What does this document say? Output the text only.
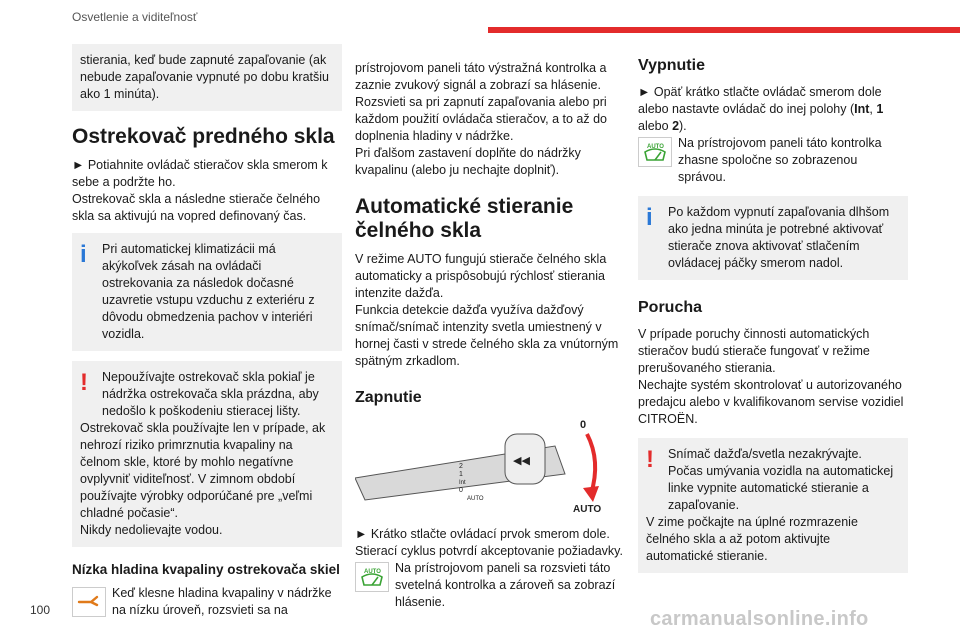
Osvetlenie a viditeľnosť

stierania, keď bude zapnuté zapaľovanie (ak nebude zapaľovanie vypnuté po dobu kratšiu ako 1 minúta).

Ostrekovač predného skla

► Potiahnite ovládač stieračov skla smerom k sebe a podržte ho.

Ostrekovač skla a následne stierače čelného skla sa aktivujú na vopred definovaný čas.

i	Pri automatickej klimatizácii má akýkoľvek zásah na ovládači ostrekovania za následok dočasné uzavretie vstupu vzduchu z exteriéru z dôvodu obmedzenia pachov v interiéri vozidla.

!	Nepoužívajte ostrekovač skla pokiaľ je nádržka ostrekovača skla prázdna, aby nedošlo k poškodeniu stieracej lišty.

Ostrekovač skla používajte len v prípade, ak nehrozí riziko primrznutia kvapaliny na čelnom skle, ktoré by mohlo negatívne ovplyvniť viditeľnosť. V zimnom období používajte výrobky odporúčané pre „veľmi chladné počasie“.

Nikdy nedolievajte vodou.

Nízka hladina kvapaliny ostrekovača skiel

Keď klesne hladina kvapaliny v nádržke na nízku úroveň, rozsvieti sa na

prístrojovom paneli táto výstražná kontrolka a zaznie zvukový signál a zobrazí sa hlásenie.

Rozsvieti sa pri zapnutí zapaľovania alebo pri každom použití ovládača stieračov, a to až do doplnenia hladiny v nádržke.

Pri ďalšom zastavení doplňte do nádržky kvapalinu (alebo ju nechajte doplniť).

Automatické stieranie čelného skla

V režime AUTO fungujú stierače čelného skla automaticky a prispôsobujú rýchlosť stierania intenzite dažďa.

Funkcia detekcie dažďa využíva dažďový snímač/snímač intenzity svetla umiestnený v hornej časti v strede čelného skla za vnútorným spätným zrkadlom.

Zapnutie
0
AUTO
2
1
Int
0
AUTO
◀◀

► Krátko stlačte ovládací prvok smerom dole. Stierací cyklus potvrdí akceptovanie požiadavky.

AUTO Na prístrojovom paneli sa rozsvieti táto svetelná kontrolka a zároveň sa zobrazí hlásenie.

Vypnutie

► Opäť krátko stlačte ovládač smerom dole alebo nastavte ovládač do inej polohy (Int, 1 alebo 2).

AUTO Na prístrojovom paneli táto kontrolka zhasne spoločne so zobrazenou správou.

i	Po každom vypnutí zapaľovania dlhšom ako jedna minúta je potrebné aktivovať stierače znova aktivovať stlačením ovládacej páčky smerom nadol.

Porucha

V prípade poruchy činnosti automatických stieračov budú stierače fungovať v režime prerušovaného stierania.

Nechajte systém skontrolovať u autorizovaného predajcu alebo v kvalifikovanom servise vozidiel CITROËN.

!	Snímač dažďa/svetla nezakrývajte.

Počas umývania vozidla na automatickej linke vypnite automatické stieranie a zapaľovanie.

V zime počkajte na úplné rozmrazenie čelného skla a až potom aktivujte automatické stieranie.

100	carmanualsonline.info
